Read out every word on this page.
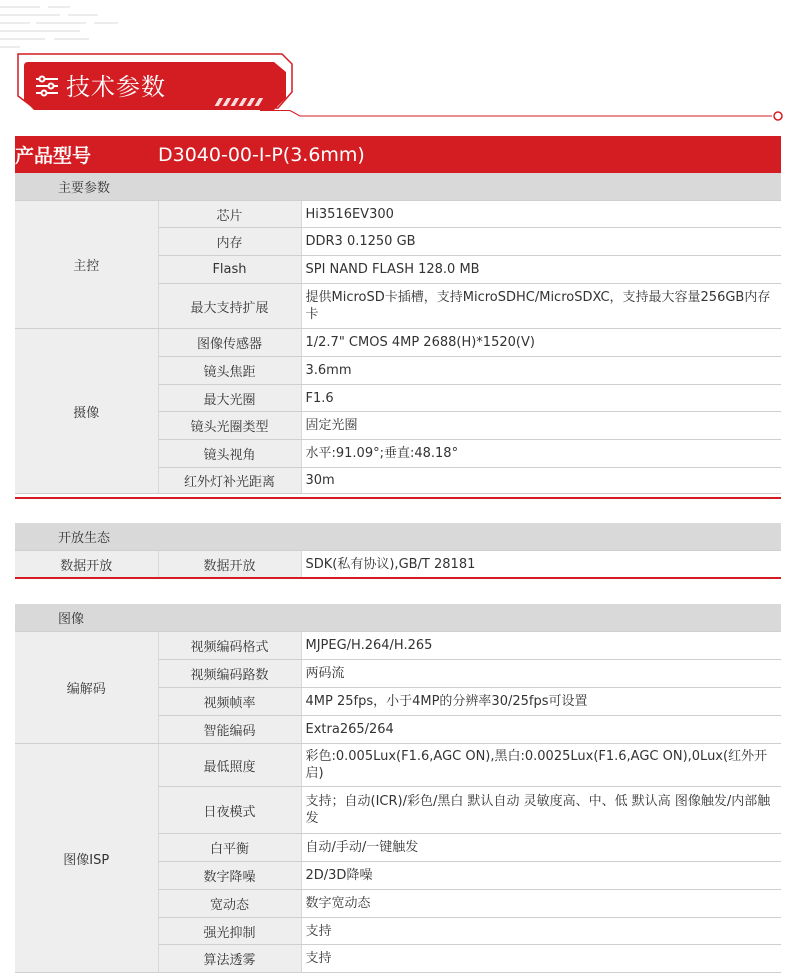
技术参数
产品型号	D3040-00-I-P(3.6mm)	
主要参数		
主控	芯片	Hi3516EV300

	内存	DDR3 0.1250 GB

	Flash	SPI NAND FLASH 128.0 MB

	最大支持扩展	提供MicroSD卡插槽，支持MicroSDHC/MicroSDXC，支持最大容量256GB内存卡

摄像	图像传感器	1/2.7" CMOS 4MP 2688(H)*1520(V)

	镜头焦距	3.6mm

	最大光圈	F1.6

	镜头光圈类型	固定光圈

	镜头视角	水平:91.09°;垂直:48.18°

	红外灯补光距离	30m
开放生态
数据开放	数据开放	SDK(私有协议),GB/T 28181
图像		
编解码	视频编码格式	MJPEG/H.264/H.265

	视频编码路数	两码流

	视频帧率	4MP 25fps，小于4MP的分辨率30/25fps可设置

	智能编码	Extra265/264

图像ISP	最低照度	彩色:0.005Lux(F1.6,AGC ON),黑白:0.0025Lux(F1.6,AGC ON),0Lux(红外开启)

	日夜模式	支持；自动(ICR)/彩色/黑白 默认自动 灵敏度高、中、低 默认高 图像触发/内部触发

	白平衡	自动/手动/一键触发

	数字降噪	2D/3D降噪

	宽动态	数字宽动态

	强光抑制	支持

	算法透雾	支持
